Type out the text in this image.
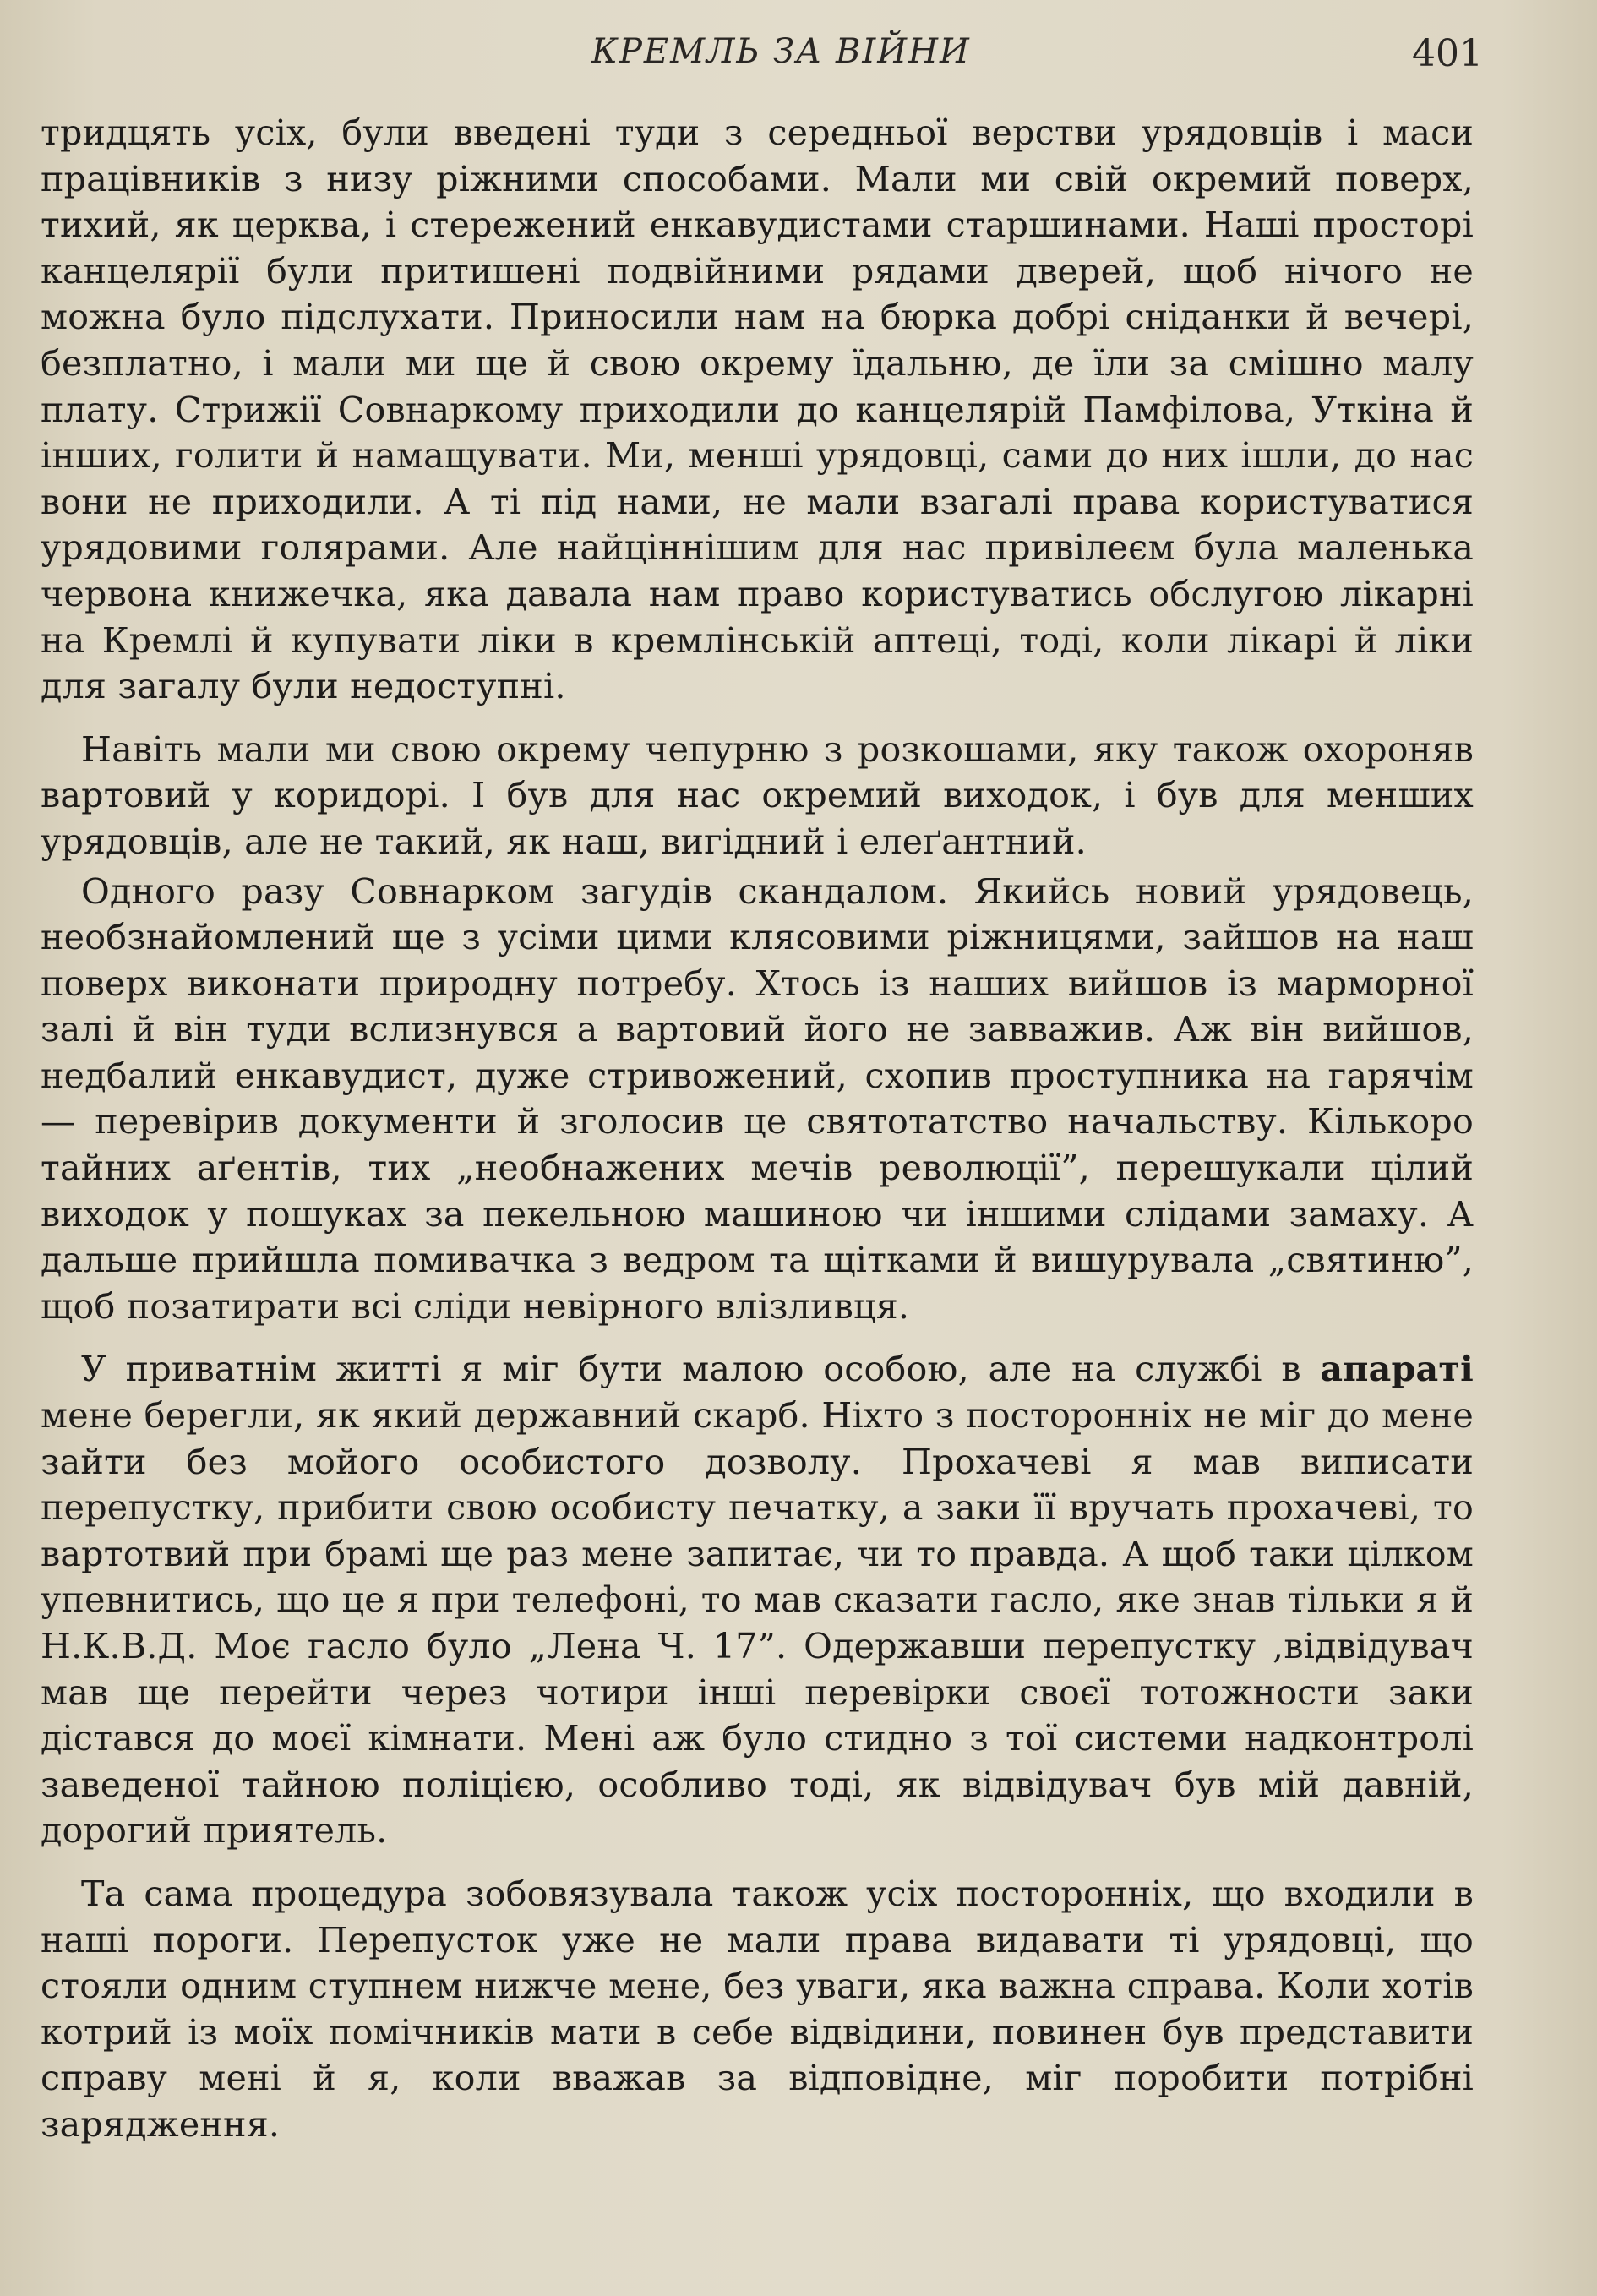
КРЕМЛЬ ЗА ВІЙНИ	401

тридцять усіх, були введені туди з середньої верстви урядовців і маси працівників з низу ріжними способами. Мали ми свій окремий поверх, тихий, як церква, і стережений енкавудистами старшинами. Наші просторі канцелярії були притишені подвійними рядами дверей, щоб нічого не можна було підслухати. Приносили нам на бюрка добрі сніданки й вечері, безплатно, і мали ми ще й свою окрему їдальню, де їли за смішно малу плату. Стрижії Совнаркому приходили до канцелярій Памфілова, Уткіна й інших, голити й намащувати. Ми, менші урядовці, сами до них ішли, до нас вони не приходили. А ті під нами, не мали взагалі права користуватися урядовими голярами. Але найціннішим для нас привілеєм була маленька червона книжечка, яка давала нам право користуватись обслугою лікарні на Кремлі й купувати ліки в кремлінській аптеці, тоді, коли лікарі й ліки для загалу були недоступні.

Навіть мали ми свою окрему чепурню з розкошами, яку також охороняв вартовий у коридорі. І був для нас окремий виходок, і був для менших урядовців, але не такий, як наш, вигідний і елеґантний.

Одного разу Совнарком загудів скандалом. Якийсь новий урядовець, необзнайомлений ще з усіми цими клясовими ріжницями, зайшов на наш поверх виконати природну потребу. Хтось із наших вийшов із марморної залі й він туди вслизнувся а вартовий його не завважив. Аж він вийшов, недбалий енкавудист, дуже стривожений, схопив проступника на гарячім — перевірив документи й зголосив це святотатство начальству. Кількоро тайних аґентів, тих „необнажених мечів революції”, перешукали цілий виходок у пошуках за пекельною машиною чи іншими слідами замаху. А дальше прийшла помивачка з ведром та щітками й вишурувала „святиню”, щоб позатирати всі сліди невірного влізливця.

У приватнім житті я міг бути малою особою, але на службі в апараті мене берегли, як який державний скарб. Ніхто з посторонніх не міг до мене зайти без мойого особистого дозволу. Прохачеві я мав виписати перепустку, прибити свою особисту печатку, а заки її вручать прохачеві, то вартотвий при брамі ще раз мене запитає, чи то правда. А щоб таки цілком упевнитись, що це я при телефоні, то мав сказати гасло, яке знав тільки я й Н.К.В.Д. Моє гасло було „Лена Ч. 17”. Одержавши перепустку ,відвідувач мав ще перейти через чотири інші перевірки своєї тотожности заки дістався до моєї кімнати. Мені аж було стидно з тої системи надконтролі заведеної тайною поліцією, особливо тоді, як відвідувач був мій давній, дорогий приятель.

Та сама процедура зобовязувала також усіх посторонніх, що входили в наші пороги. Перепусток уже не мали права видавати ті урядовці, що стояли одним ступнем нижче мене, без уваги, яка важна справа. Коли хотів котрий із моїх помічників мати в себе відвідини, повинен був представити справу мені й я, коли вважав за відповідне, міг поробити потрібні зарядження.
